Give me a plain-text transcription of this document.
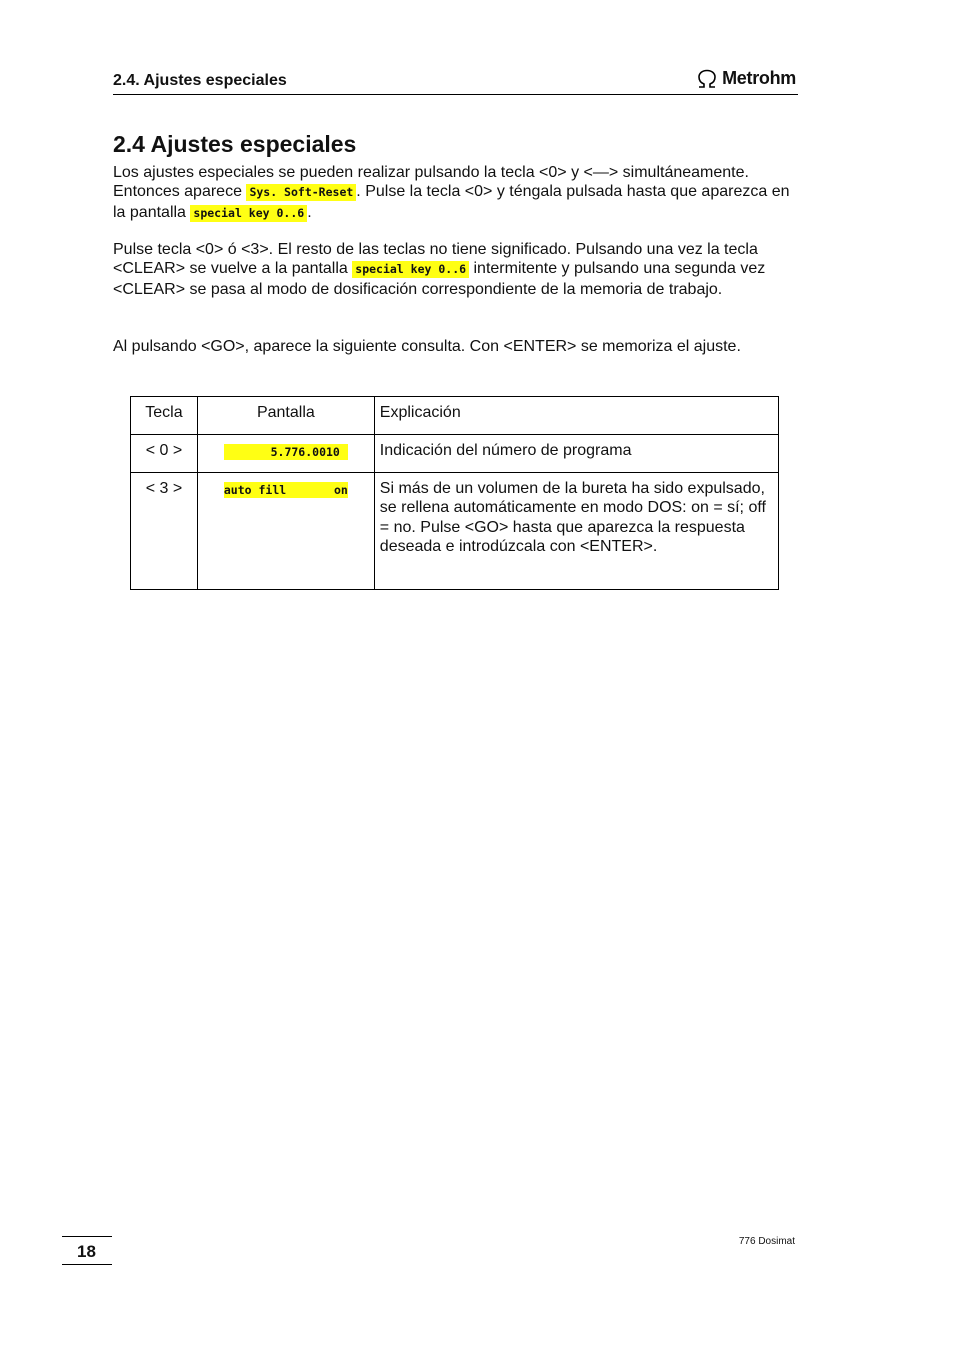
2.4. Ajustes especiales	Metrohm
2.4 Ajustes especiales

Los ajustes especiales se pueden realizar pulsando la tecla <0> y <—> simultáneamente. Entonces aparece Sys. Soft-Reset . Pulse la tecla <0> y téngala pulsada hasta que aparezca en la pantalla special key 0..6 .

Pulse tecla <0> ó <3>. El resto de las teclas no tiene significado. Pulsando una vez la tecla <CLEAR> se vuelve a la pantalla special key 0..6 intermitente y pulsando una segunda vez <CLEAR> se pasa al modo de dosificación correspondiente de la memoria de trabajo.

Al pulsando <GO>, aparece la siguiente consulta. Con <ENTER> se memoriza el ajuste.

Tecla	Pantalla	Explicación
< 0 >	5.776.0010	Indicación del número de programa
< 3 >	auto fill on	Si más de un volumen de la bureta ha sido expulsado, se rellena automáticamente en modo DOS: on = sí; off = no. Pulse <GO> hasta que aparezca la respuesta deseada e introdúzcala con <ENTER>.
18
776 Dosimat
